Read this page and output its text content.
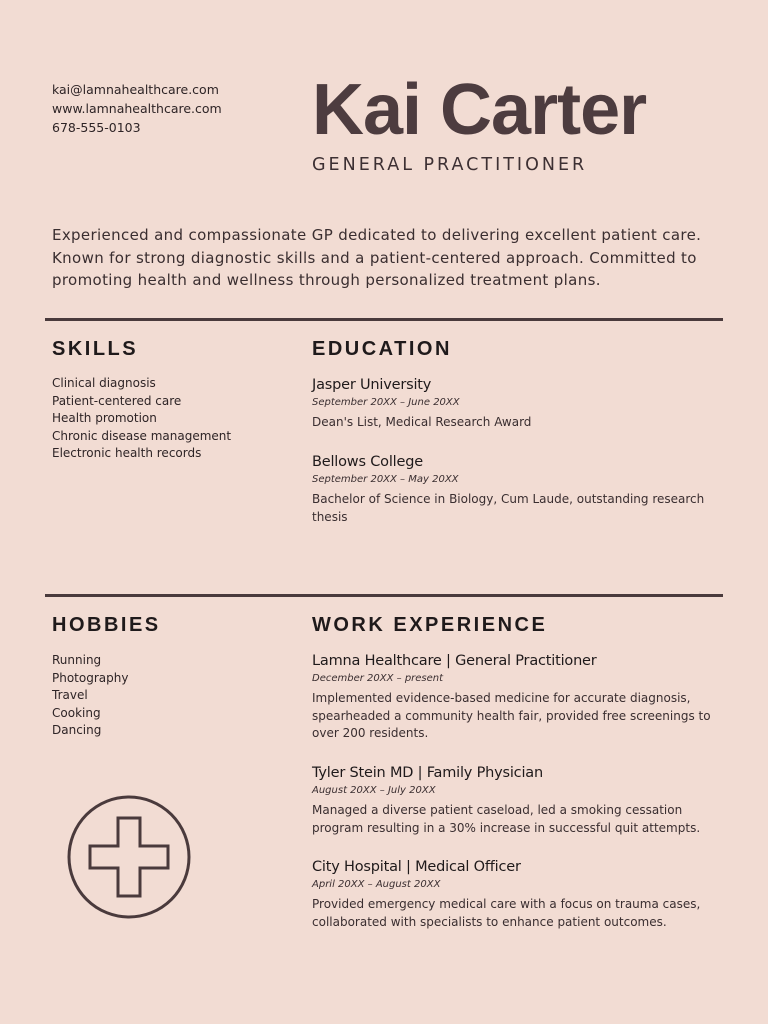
kai@lamnahealthcare.com
www.lamnahealthcare.com
678-555-0103	Kai Carter
GENERAL PRACTITIONER
Experienced and compassionate GP dedicated to delivering excellent patient care. Known for strong diagnostic skills and a patient-centered approach. Committed to promoting health and wellness through personalized treatment plans.
SKILLS
Clinical diagnosis
Patient-centered care
Health promotion
Chronic disease management
Electronic health records
EDUCATION
Jasper University
September 20XX – June 20XX
Dean's List, Medical Research Award
Bellows College
September 20XX – May 20XX
Bachelor of Science in Biology, Cum Laude, outstanding research thesis
HOBBIES
Running
Photography
Travel
Cooking
Dancing
WORK EXPERIENCE
Lamna Healthcare | General Practitioner
December 20XX – present
Implemented evidence-based medicine for accurate diagnosis, spearheaded a community health fair, provided free screenings to over 200 residents.
Tyler Stein MD | Family Physician
August 20XX – July 20XX
Managed a diverse patient caseload, led a smoking cessation program resulting in a 30% increase in successful quit attempts.
City Hospital | Medical Officer
April 20XX – August 20XX
Provided emergency medical care with a focus on trauma cases, collaborated with specialists to enhance patient outcomes.
